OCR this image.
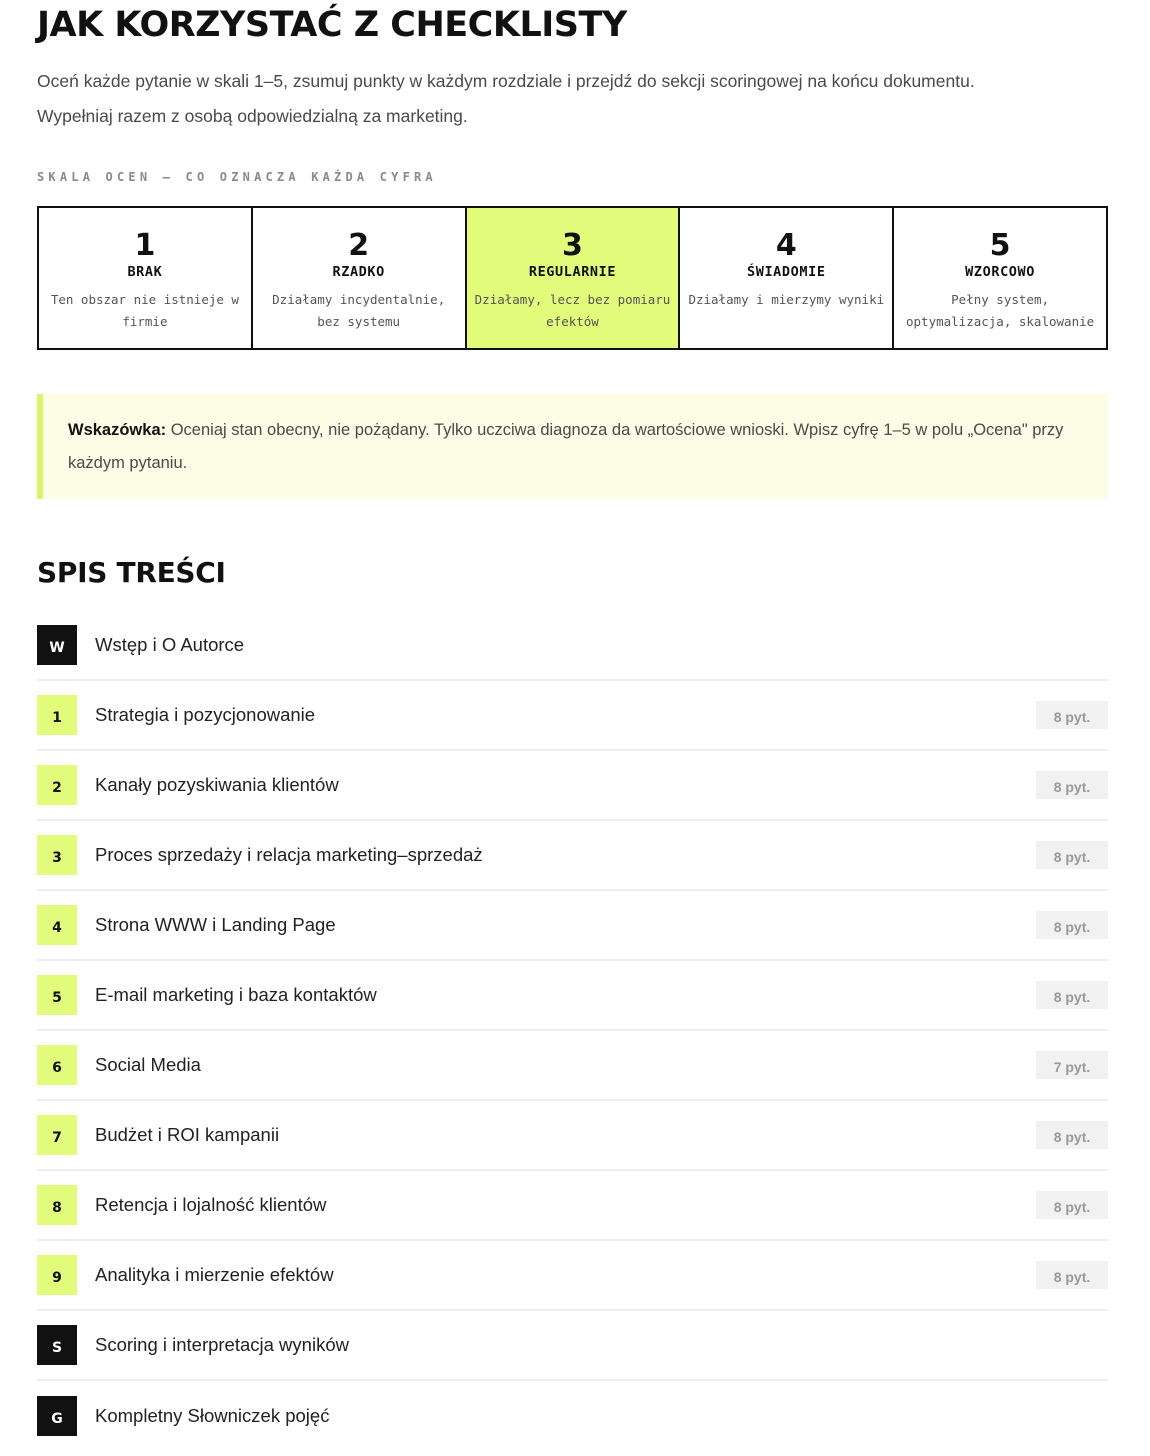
JAK KORZYSTAĆ Z CHECKLISTY

Oceń każde pytanie w skali 1–5, zsumuj punkty w każdym rozdziale i przejdź do sekcji scoringowej na końcu dokumentu.

Wypełniaj razem z osobą odpowiedzialną za marketing.

SKALA OCEN — CO OZNACZA KAŻDA CYFRA
1
BRAK
Ten obszar nie istnieje w firmie
2
RZADKO
Działamy incydentalnie, bez systemu
3
REGULARNIE
Działamy, lecz bez pomiaru efektów
4
ŚWIADOMIE
Działamy i mierzymy wyniki
5
WZORCOWO
Pełny system, optymalizacja, skalowanie
Wskazówka: Oceniaj stan obecny, nie pożądany. Tylko uczciwa diagnoza da wartościowe wnioski. Wpisz cyfrę 1–5 w polu „Ocena" przy każdym pytaniu.
SPIS TREŚCI
W	Wstęp i O Autorce
1	Strategia i pozycjonowanie	8 pyt.
2	Kanały pozyskiwania klientów	8 pyt.
3	Proces sprzedaży i relacja marketing–sprzedaż	8 pyt.
4	Strona WWW i Landing Page	8 pyt.
5	E-mail marketing i baza kontaktów	8 pyt.
6	Social Media	7 pyt.
7	Budżet i ROI kampanii	8 pyt.
8	Retencja i lojalność klientów	8 pyt.
9	Analityka i mierzenie efektów	8 pyt.
S	Scoring i interpretacja wyników
G	Kompletny Słowniczek pojęć
